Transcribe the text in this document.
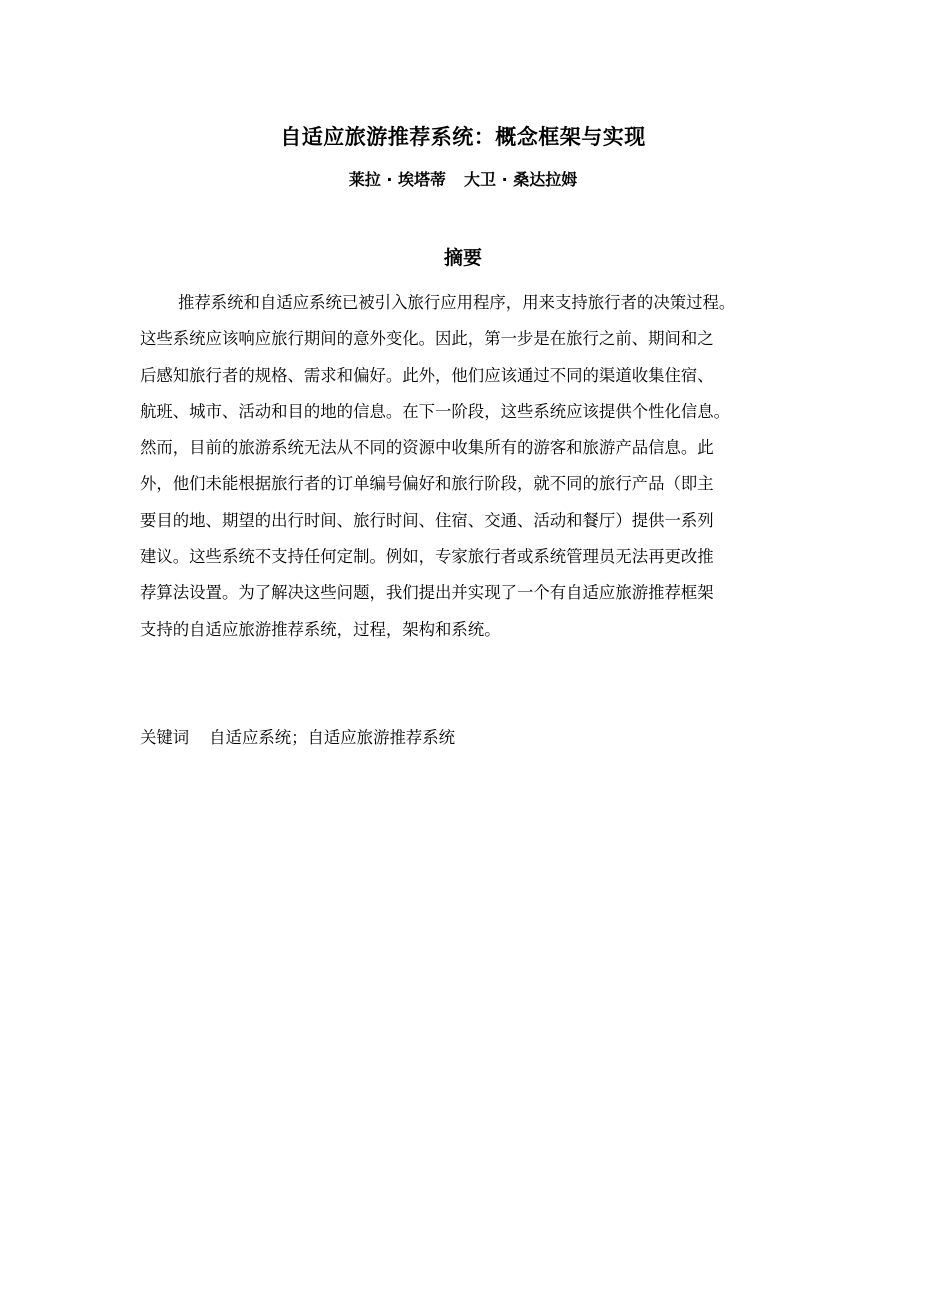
自适应旅游推荐系统：概念框架与实现
莱拉 · 埃塔蒂 大卫 · 桑达拉姆
摘要
推荐系统和自适应系统已被引入旅行应用程序，用来支持旅行者的决策过程。
这些系统应该响应旅行期间的意外变化。因此，第一步是在旅行之前、期间和之
后感知旅行者的规格、需求和偏好。此外，他们应该通过不同的渠道收集住宿、
航班、城市、活动和目的地的信息。在下一阶段，这些系统应该提供个性化信息。
然而，目前的旅游系统无法从不同的资源中收集所有的游客和旅游产品信息。此
外，他们未能根据旅行者的订单编号偏好和旅行阶段，就不同的旅行产品（即主
要目的地、期望的出行时间、旅行时间、住宿、交通、活动和餐厅）提供一系列
建议。这些系统不支持任何定制。例如，专家旅行者或系统管理员无法再更改推
荐算法设置。为了解决这些问题，我们提出并实现了一个有自适应旅游推荐框架
支持的自适应旅游推荐系统，过程，架构和系统。
关键词 自适应系统；自适应旅游推荐系统
